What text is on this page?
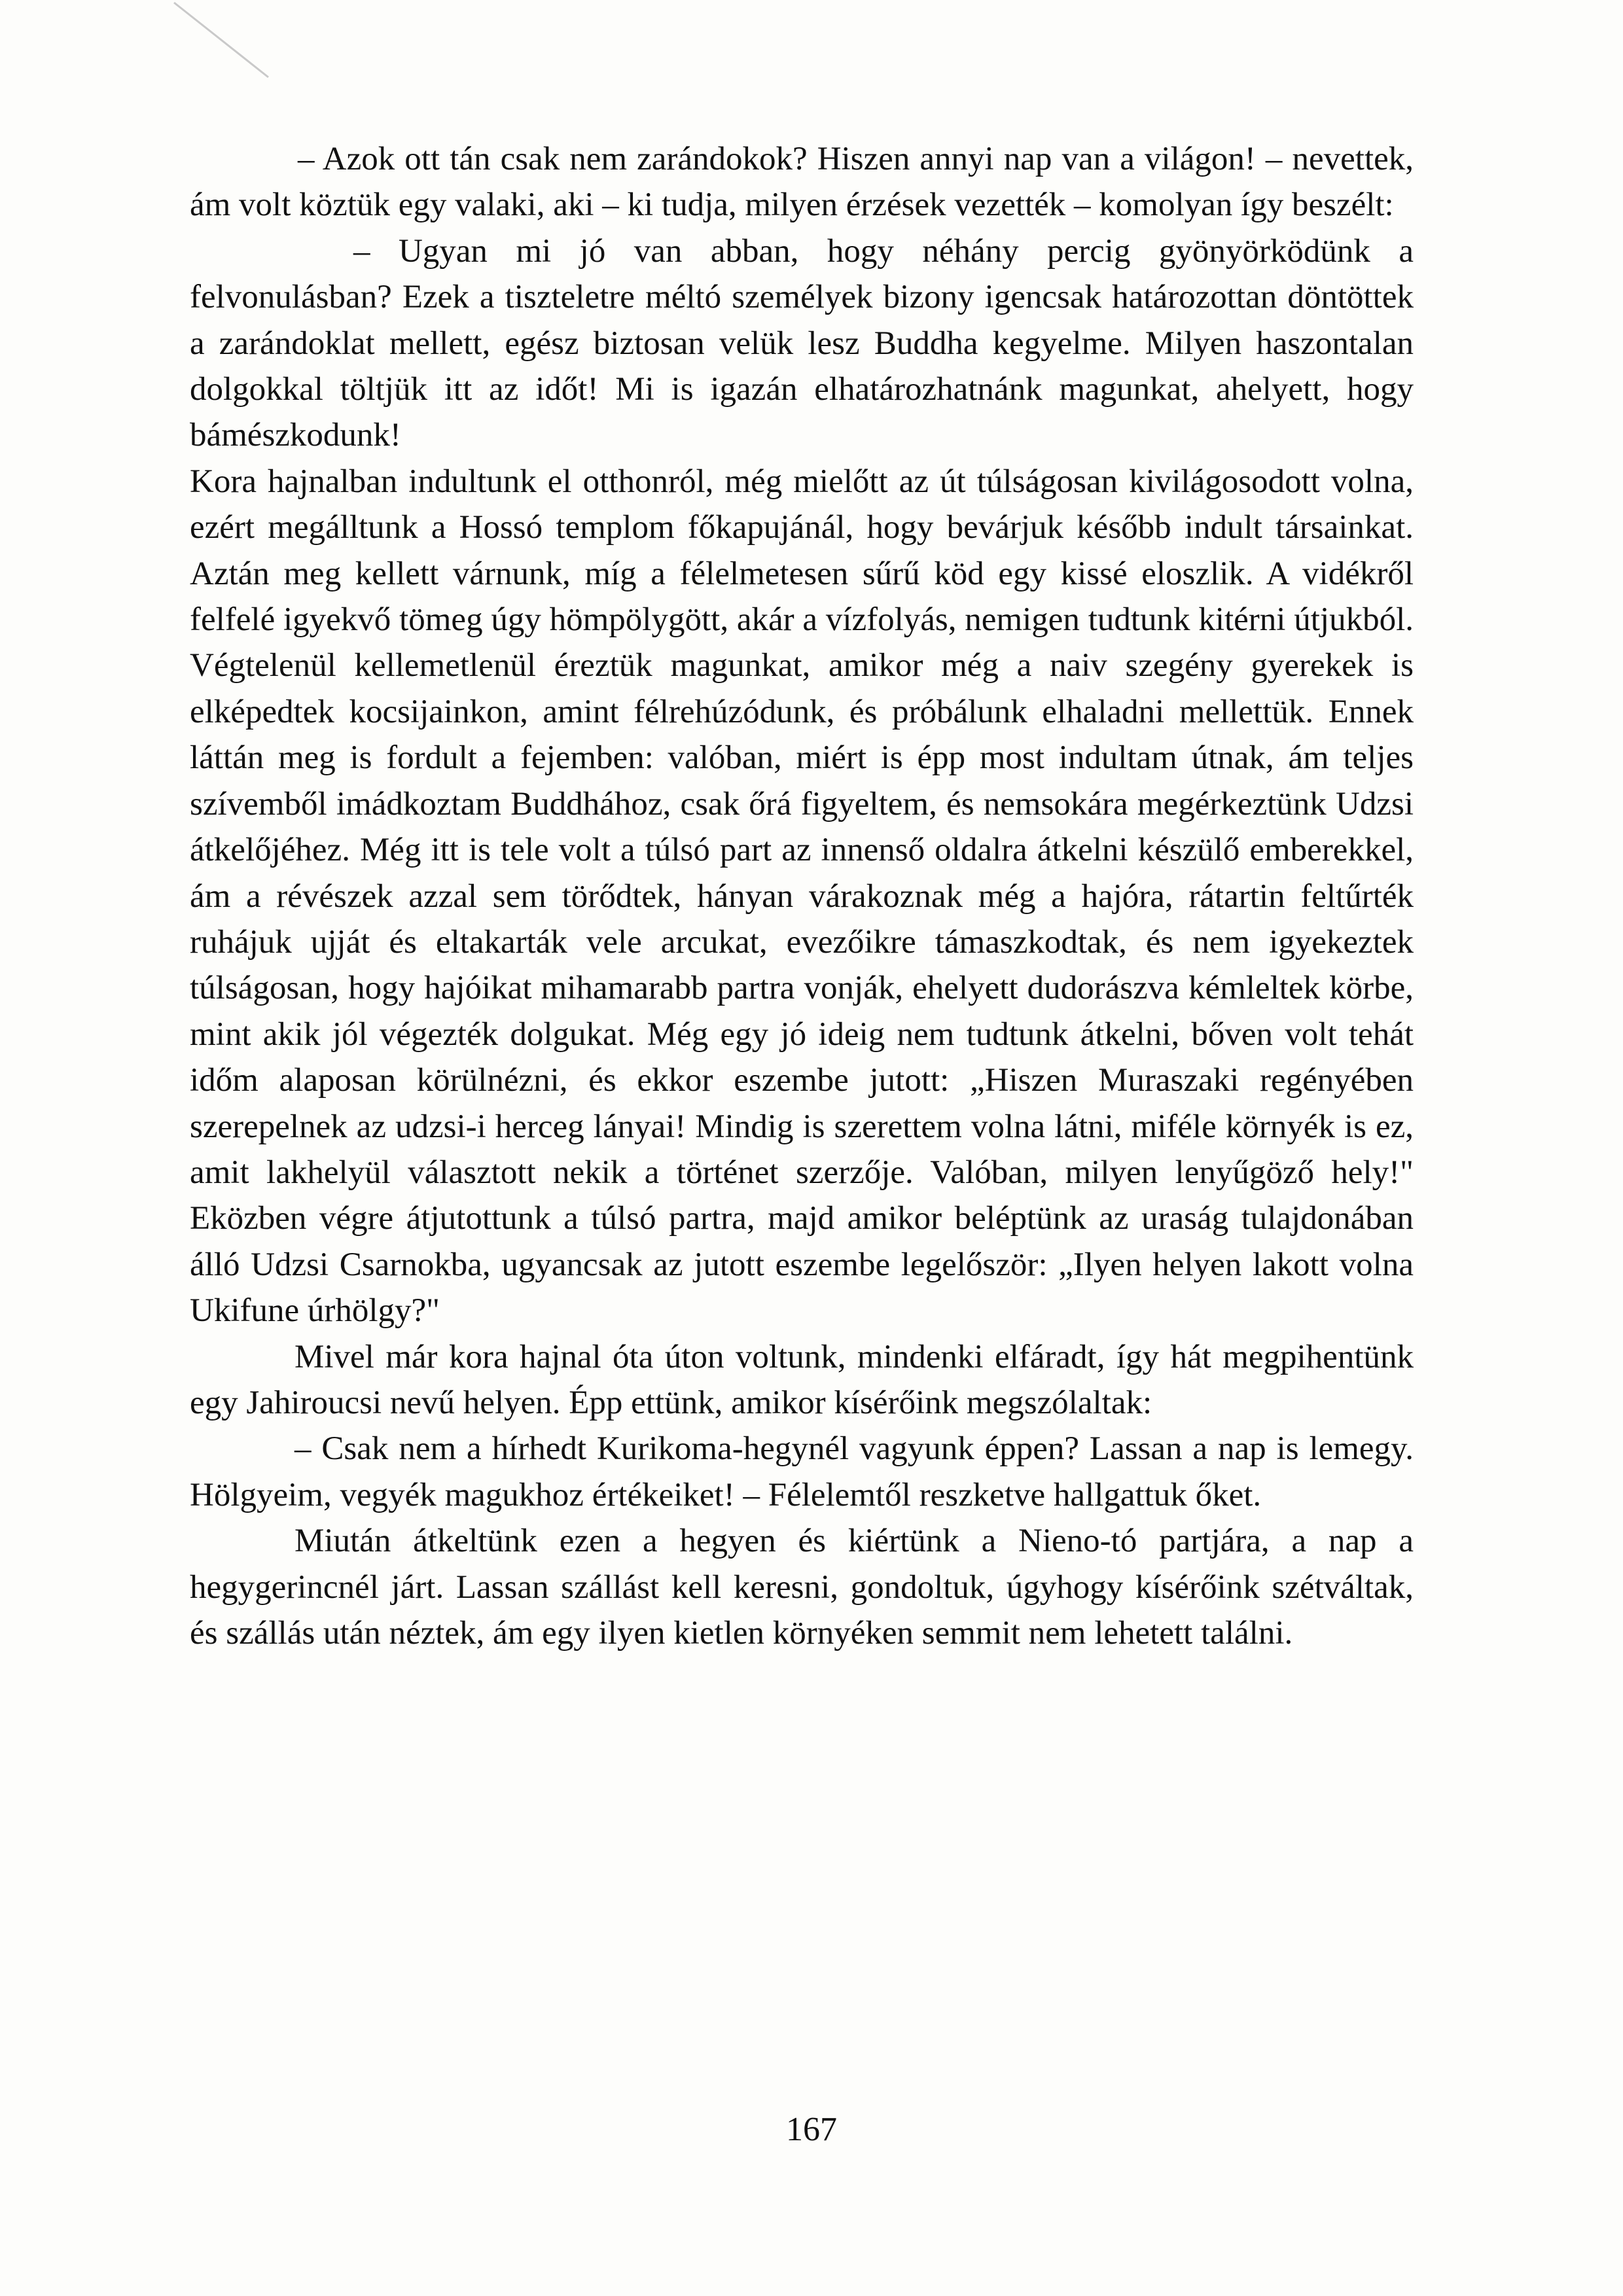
– Azok ott tán csak nem zarándokok? Hiszen annyi nap van a világon! – nevettek, ám volt köztük egy valaki, aki – ki tudja, milyen érzések vezették – komolyan így beszélt:

– Ugyan mi jó van abban, hogy néhány percig gyönyörködünk a felvonulásban? Ezek a tiszteletre méltó személyek bizony igencsak határozottan döntöttek a zarándoklat mellett, egész biztosan velük lesz Buddha kegyelme. Milyen haszontalan dolgokkal töltjük itt az időt! Mi is igazán elhatározhatnánk magunkat, ahelyett, hogy bámészkodunk!

Kora hajnalban indultunk el otthonról, még mielőtt az út túlságosan kivilágosodott volna, ezért megálltunk a Hossó templom főkapujánál, hogy bevárjuk később indult társainkat. Aztán meg kellett várnunk, míg a félelmetesen sűrű köd egy kissé eloszlik. A vidékről felfelé igyekvő tömeg úgy hömpölygött, akár a vízfolyás, nemigen tudtunk kitérni útjukból. Végtelenül kellemetlenül éreztük magunkat, amikor még a naiv szegény gyerekek is elképedtek kocsijainkon, amint félrehúzódunk, és próbálunk elhaladni mellettük. Ennek láttán meg is fordult a fejemben: valóban, miért is épp most indultam útnak, ám teljes szívemből imádkoztam Buddhához, csak őrá figyeltem, és nemsokára megérkeztünk Udzsi átkelőjéhez. Még itt is tele volt a túlsó part az innenső oldalra átkelni készülő emberekkel, ám a révészek azzal sem törődtek, hányan várakoznak még a hajóra, rátartin feltűrték ruhájuk ujját és eltakarták vele arcukat, evezőikre támaszkodtak, és nem igyekeztek túlságosan, hogy hajóikat mihamarabb partra vonják, ehelyett dudorászva kémleltek körbe, mint akik jól végezték dolgukat. Még egy jó ideig nem tudtunk átkelni, bőven volt tehát időm alaposan körülnézni, és ekkor eszembe jutott: „Hiszen Muraszaki regényében szerepelnek az udzsi-i herceg lányai! Mindig is szerettem volna látni, miféle környék is ez, amit lakhelyül választott nekik a történet szerzője. Valóban, milyen lenyűgöző hely!" Eközben végre átjutottunk a túlsó partra, majd amikor beléptünk az uraság tulajdonában álló Udzsi Csarnokba, ugyancsak az jutott eszembe legelőször: „Ilyen helyen lakott volna Ukifune úrhölgy?"

Mivel már kora hajnal óta úton voltunk, mindenki elfáradt, így hát megpihentünk egy Jahiroucsi nevű helyen. Épp ettünk, amikor kísérőink megszólaltak:

– Csak nem a hírhedt Kurikoma-hegynél vagyunk éppen? Lassan a nap is lemegy. Hölgyeim, vegyék magukhoz értékeiket! – Félelemtől reszketve hallgattuk őket.

Miután átkeltünk ezen a hegyen és kiértünk a Nieno-tó partjára, a nap a hegygerincnél járt. Lassan szállást kell keresni, gondoltuk, úgyhogy kísérőink szétváltak, és szállás után néztek, ám egy ilyen kietlen környéken semmit nem lehetett találni.

167
